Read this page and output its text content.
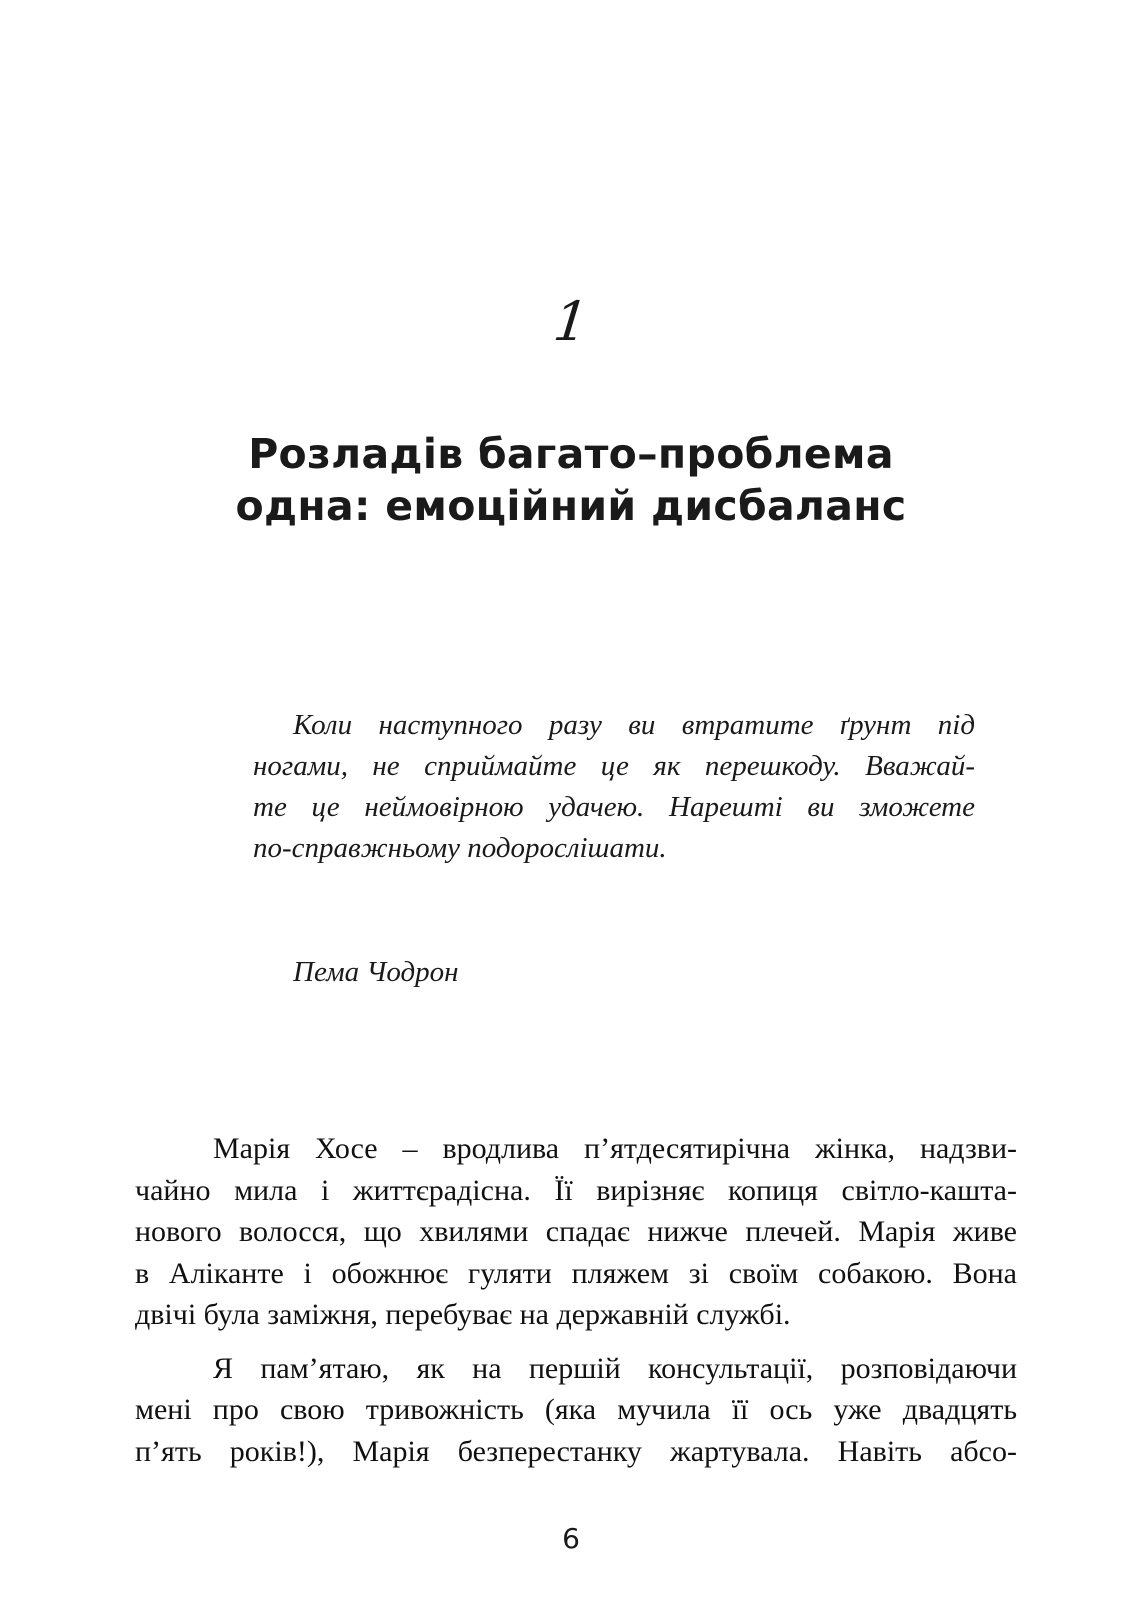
1
Розладів багато–проблема
одна: емоційний дисбаланс
Коли наступного разу ви втратите ґрунт під
ногами, не сприймайте це як перешкоду. Вважай-
те це неймовірною удачею. Нарешті ви зможете
по-справжньому подорослішати.
Пема Чодрон

Марія Хосе – вродлива п’ятдесятирічна жінка, надзви-
чайно мила і життєрадісна. Її вирізняє копиця світло-кашта-
нового волосся, що хвилями спадає нижче плечей. Марія живе
в Аліканте і обожнює гуляти пляжем зі своїм собакою. Вона
двічі була заміжня, перебуває на державній службі.

Я пам’ятаю, як на першій консультації, розповідаючи
мені про свою тривожність (яка мучила її ось уже двадцять
п’ять років!), Марія безперестанку жартувала. Навіть абсо-

6
